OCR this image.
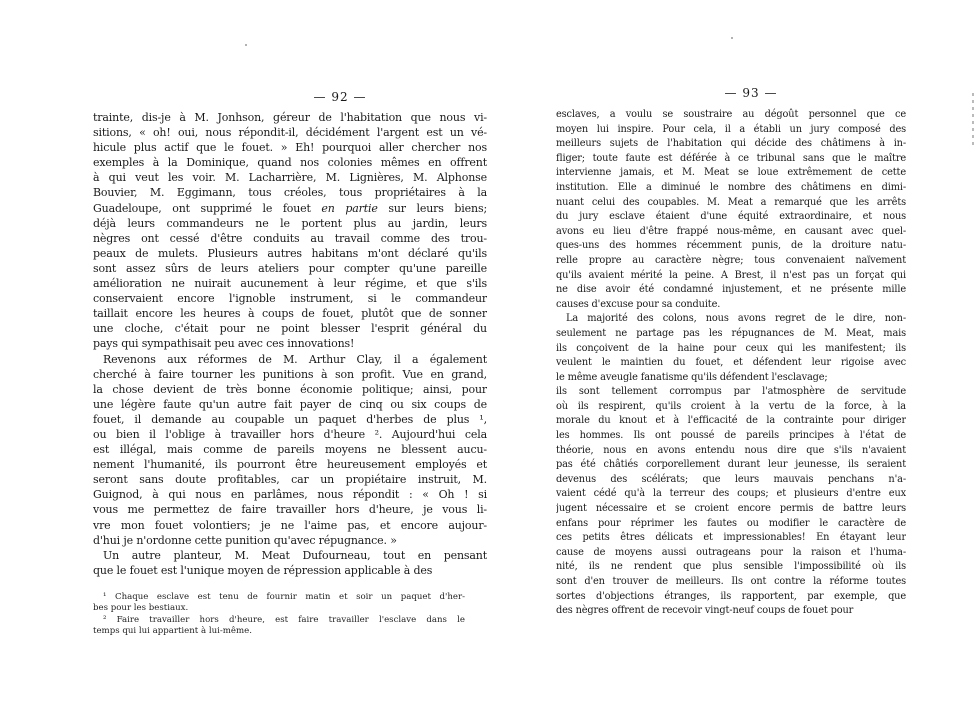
— 92 —
trainte, dis-je à M. Jonhson, géreur de l'habitation que nous vi-
sitions, « oh! oui, nous répondit-il, décidément l'argent est un vé-
hicule plus actif que le fouet. » Eh! pourquoi aller chercher nos
exemples à la Dominique, quand nos colonies mêmes en offrent
à qui veut les voir. M. Lacharrière, M. Lignières, M. Alphonse
Bouvier, M. Eggimann, tous créoles, tous propriétaires à la
Guadeloupe, ont supprimé le fouet en partie sur leurs biens;
déjà leurs commandeurs ne le portent plus au jardin, leurs
nègres ont cessé d'être conduits au travail comme des trou-
peaux de mulets. Plusieurs autres habitans m'ont déclaré qu'ils
sont assez sûrs de leurs ateliers pour compter qu'une pareille
amélioration ne nuirait aucunement à leur régime, et que s'ils
conservaient encore l'ignoble instrument, si le commandeur
taillait encore les heures à coups de fouet, plutôt que de sonner
une cloche, c'était pour ne point blesser l'esprit général du
pays qui sympathisait peu avec ces innovations!
Revenons aux réformes de M. Arthur Clay, il a également
cherché à faire tourner les punitions à son profit. Vue en grand,
la chose devient de très bonne économie politique; ainsi, pour
une légère faute qu'un autre fait payer de cinq ou six coups de
fouet, il demande au coupable un paquet d'herbes de plus ¹,
ou bien il l'oblige à travailler hors d'heure ². Aujourd'hui cela
est illégal, mais comme de pareils moyens ne blessent aucu-
nement l'humanité, ils pourront être heureusement employés et
seront sans doute profitables, car un propiétaire instruit, M.
Guignod, à qui nous en parlâmes, nous répondit : « Oh ! si
vous me permettez de faire travailler hors d'heure, je vous li-
vre mon fouet volontiers; je ne l'aime pas, et encore aujour-
d'hui je n'ordonne cette punition qu'avec répugnance. »
Un autre planteur, M. Meat Dufourneau, tout en pensant
que le fouet est l'unique moyen de répression applicable à des
¹ Chaque esclave est tenu de fournir matin et soir un paquet d'her-
bes pour les bestiaux.
² Faire travailler hors d'heure, est faire travailler l'esclave dans le
temps qui lui appartient à lui-même.
— 93 —
esclaves, a voulu se soustraire au dégoût personnel que ce
moyen lui inspire. Pour cela, il a établi un jury composé des
meilleurs sujets de l'habitation qui décide des châtimens à in-
fliger; toute faute est déférée à ce tribunal sans que le maître
intervienne jamais, et M. Meat se loue extrêmement de cette
institution. Elle a diminué le nombre des châtimens en dimi-
nuant celui des coupables. M. Meat a remarqué que les arrêts
du jury esclave étaient d'une équité extraordinaire, et nous
avons eu lieu d'être frappé nous-même, en causant avec quel-
ques-uns des hommes récemment punis, de la droiture natu-
relle propre au caractère nègre; tous convenaient naïvement
qu'ils avaient mérité la peine. A Brest, il n'est pas un forçat qui
ne dise avoir été condamné injustement, et ne présente mille
causes d'excuse pour sa conduite.
La majorité des colons, nous avons regret de le dire, non-
seulement ne partage pas les répugnances de M. Meat, mais
ils conçoivent de la haine pour ceux qui les manifestent; ils
veulent le maintien du fouet, et défendent leur rigoise avec
le même aveugle fanatisme qu'ils défendent l'esclavage;
ils sont tellement corrompus par l'atmosphère de servitude
où ils respirent, qu'ils croient à la vertu de la force, à la
morale du knout et à l'efficacité de la contrainte pour diriger
les hommes. Ils ont poussé de pareils principes à l'état de
théorie, nous en avons entendu nous dire que s'ils n'avaient
pas été châtiés corporellement durant leur jeunesse, ils seraient
devenus des scélérats; que leurs mauvais penchans n'a-
vaient cédé qu'à la terreur des coups; et plusieurs d'entre eux
jugent nécessaire et se croient encore permis de battre leurs
enfans pour réprimer les fautes ou modifier le caractère de
ces petits êtres délicats et impressionables! En étayant leur
cause de moyens aussi outrageans pour la raison et l'huma-
nité, ils ne rendent que plus sensible l'impossibilité où ils
sont d'en trouver de meilleurs. Ils ont contre la réforme toutes
sortes d'objections étranges, ils rapportent, par exemple, que
des nègres offrent de recevoir vingt-neuf coups de fouet pour
